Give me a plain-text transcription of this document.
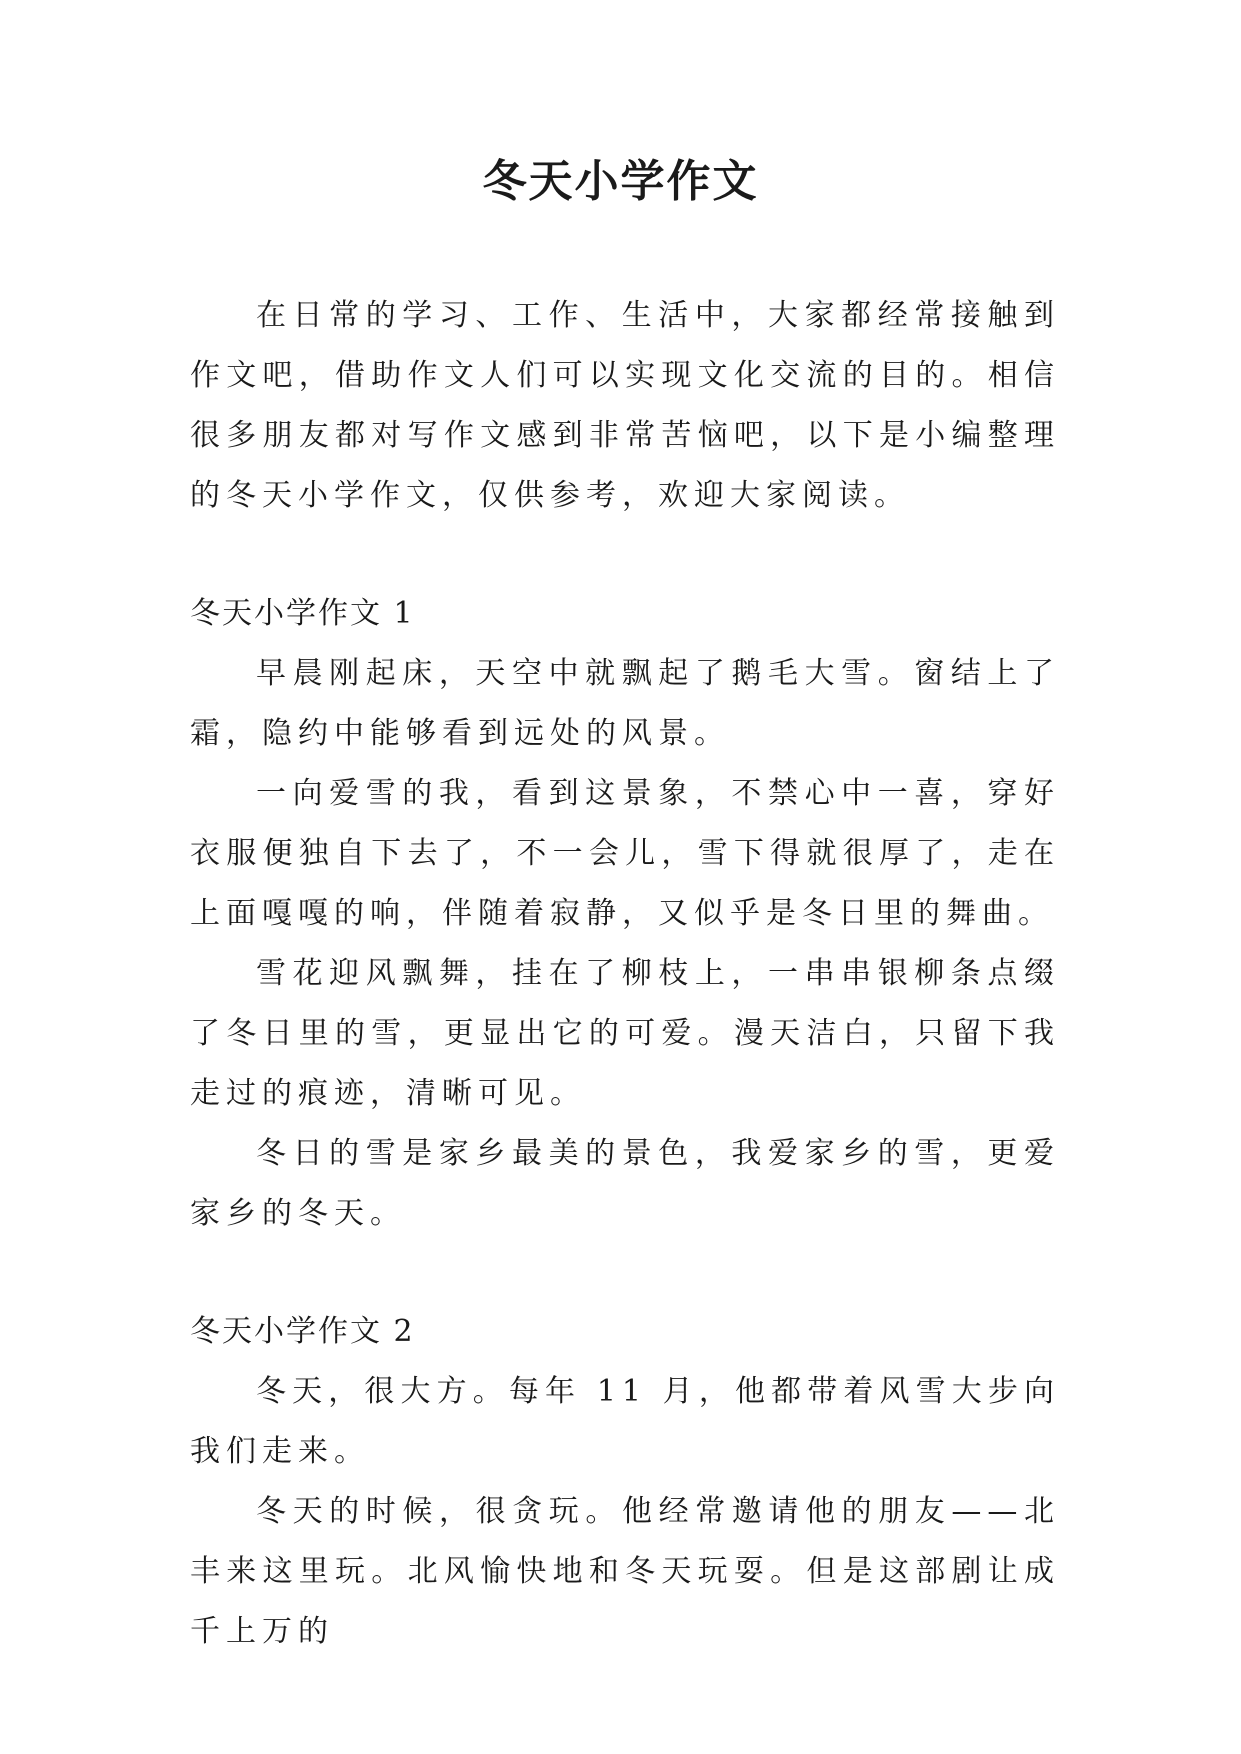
冬天小学作文

在日常的学习、工作、生活中，大家都经常接触到作文吧，借助作文人们可以实现文化交流的目的。相信很多朋友都对写作文感到非常苦恼吧，以下是小编整理的冬天小学作文，仅供参考，欢迎大家阅读。

冬天小学作文 1

早晨刚起床，天空中就飘起了鹅毛大雪。窗结上了霜，隐约中能够看到远处的风景。

一向爱雪的我，看到这景象，不禁心中一喜，穿好衣服便独自下去了，不一会儿，雪下得就很厚了，走在上面嘎嘎的响，伴随着寂静，又似乎是冬日里的舞曲。

雪花迎风飘舞，挂在了柳枝上，一串串银柳条点缀了冬日里的雪，更显出它的可爱。漫天洁白，只留下我走过的痕迹，清晰可见。

冬日的雪是家乡最美的景色，我爱家乡的雪，更爱家乡的冬天。

冬天小学作文 2

冬天，很大方。每年 11 月，他都带着风雪大步向我们走来。

冬天的时候，很贪玩。他经常邀请他的朋友——北丰来这里玩。北风愉快地和冬天玩耍。但是这部剧让成千上万的
